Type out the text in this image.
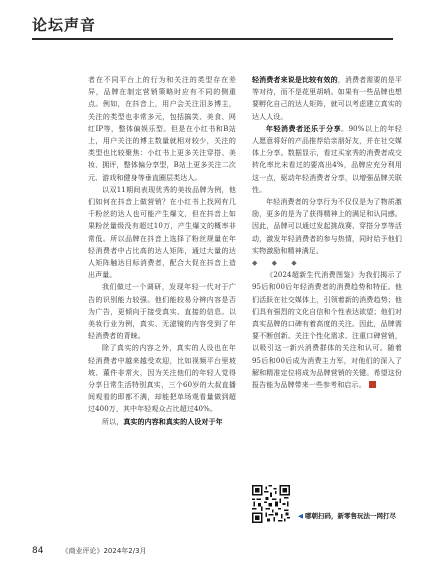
论坛声音

者在不同平台上的行为和关注的类型存在差异，品牌在制定营销策略时应有不同的侧重点。例如，在抖音上，用户会关注泪多博主，关注的类型也非常多元，包括搞笑、美食、网红IP等，整体偏娱乐型。但是在小红书和B站上，用户关注的博主数量就相对较少，关注的类型也比较聚焦：小红书上更多关注穿搭、美妆、拥评，整体偏分享型，B站上更多关注二次元、游戏和健身等垂直圈层类达人。

以双11期间表现优秀的美妆品牌为例，他们如何在抖音上做营销？在小红书上找网有几千粉丝的达人也可能产生爆文，但在抖音上如果粉丝量级没有超过10万，产生爆文的概率非常低。所以品牌在抖音上选择了粉丝规量在年轻消费者中占比高的达人矩阵，通过大量的达人矩阵触达目标消费者，配合大促在抖音上造出声量。

我们做过一个调研，发现年轻一代对于广告的识别能力较强。他们能较易分辨内容是否为广告，更倾向于接受真实、直接的信息。以美妆行业为例，真实、无滤镜的内容受到了年轻消费者的青睐。

除了真实的内容之外，真实的人设也在年轻消费者中越来越受欢迎，比如视频平台里坡坡、董件非常火，因为关注他们的年轻人觉得分享日常生活特别真实，三个60岁的大叔直播间观看的即都不满，却能把单场观看量做到超过400万，其中年轻观众占比超过40%。

所以，真实的内容和真实的人设对于年

轻消费者来说是比较有效的，消费者需要的是平等对待，而不是花里胡哨。如果有一些品牌也想要孵化自己的达人矩阵，就可以考虑建立真实的达人人设。

年轻消费者还乐于分享。90%以上的年轻人愿意将好的产品推荐给亲朋好友，并在社交媒体上分享。数据显示，看过买家秀的消费者成交转化率比未看过的要高出4%，品牌应充分利用这一点，驱动年轻消费者分享，以增强品牌关联性。

年轻消费者的分享行为不仅仅是为了物质激励，更多的是为了获得精神上的满足和认同感。因此，品牌可以通过发起挑战赛、穿搭分享等活动，激发年轻消费者的参与热情，同时给予他们实物激励和精神满足。

◆ ◆ ◆

《2024超新生代消费图鉴》为我们揭示了95后和00后年轻消费者的消费趋势和特征。他们活跃在社交媒体上，引领着新的消费趋势；他们具有强烈的文化自信和个性表达欲望；他们对真实品牌的口碑有着高度的关注。因此，品牌需要不断创新、关注个性化需求、注重口碑营销，以吸引这一新兴消费群体的关注和认可。随着95后和00后成为消费主力军，对他们的深入了解和精准定位将成为品牌营销的关键。希望这份报告能为品牌带来一些参考和启示。

◀ 哪朝扫码，新零售玩法一网打尽
84	《商业评论》2024年2/3月
